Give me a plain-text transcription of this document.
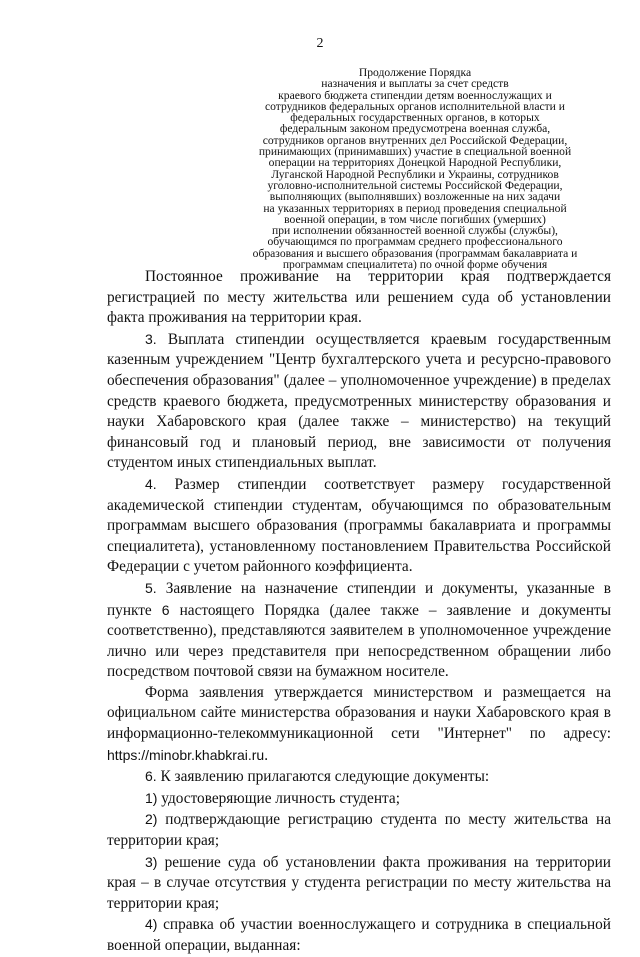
2
Продолжение Порядка
назначения и выплаты за счет средств
краевого бюджета стипендии детям военнослужащих и
сотрудников федеральных органов исполнительной власти и
федеральных государственных органов, в которых
федеральным законом предусмотрена военная служба,
сотрудников органов внутренних дел Российской Федерации,
принимающих (принимавших) участие в специальной военной
операции на территориях Донецкой Народной Республики,
Луганской Народной Республики и Украины, сотрудников
уголовно-исполнительной системы Российской Федерации,
выполняющих (выполнявших) возложенные на них задачи
на указанных территориях в период проведения специальной
военной операции, в том числе погибших (умерших)
при исполнении обязанностей военной службы (службы),
обучающимся по программам среднего профессионального
образования и высшего образования (программам бакалавриата и
программам специалитета) по очной форме обучения

Постоянное проживание на территории края подтверждается регистрацией по месту жительства или решением суда об установлении факта проживания на территории края.

3. Выплата стипендии осуществляется краевым государственным казенным учреждением "Центр бухгалтерского учета и ресурсно-правового обеспечения образования" (далее – уполномоченное учреждение) в пределах средств краевого бюджета, предусмотренных министерству образования и науки Хабаровского края (далее также – министерство) на текущий финансовый год и плановый период, вне зависимости от получения студентом иных стипендиальных выплат.

4. Размер стипендии соответствует размеру государственной академической стипендии студентам, обучающимся по образовательным программам высшего образования (программы бакалавриата и программы специалитета), установленному постановлением Правительства Российской Федерации с учетом районного коэффициента.

5. Заявление на назначение стипендии и документы, указанные в пункте 6 настоящего Порядка (далее также – заявление и документы соответственно), представляются заявителем в уполномоченное учреждение лично или через представителя при непосредственном обращении либо посредством почтовой связи на бумажном носителе.

Форма заявления утверждается министерством и размещается на официальном сайте министерства образования и науки Хабаровского края в информационно-телекоммуникационной сети "Интернет" по адресу: https://minobr.khabkrai.ru.

6. К заявлению прилагаются следующие документы:

1) удостоверяющие личность студента;

2) подтверждающие регистрацию студента по месту жительства на территории края;

3) решение суда об установлении факта проживания на территории края – в случае отсутствия у студента регистрации по месту жительства на территории края;

4) справка об участии военнослужащего и сотрудника в специальной военной операции, выданная:
